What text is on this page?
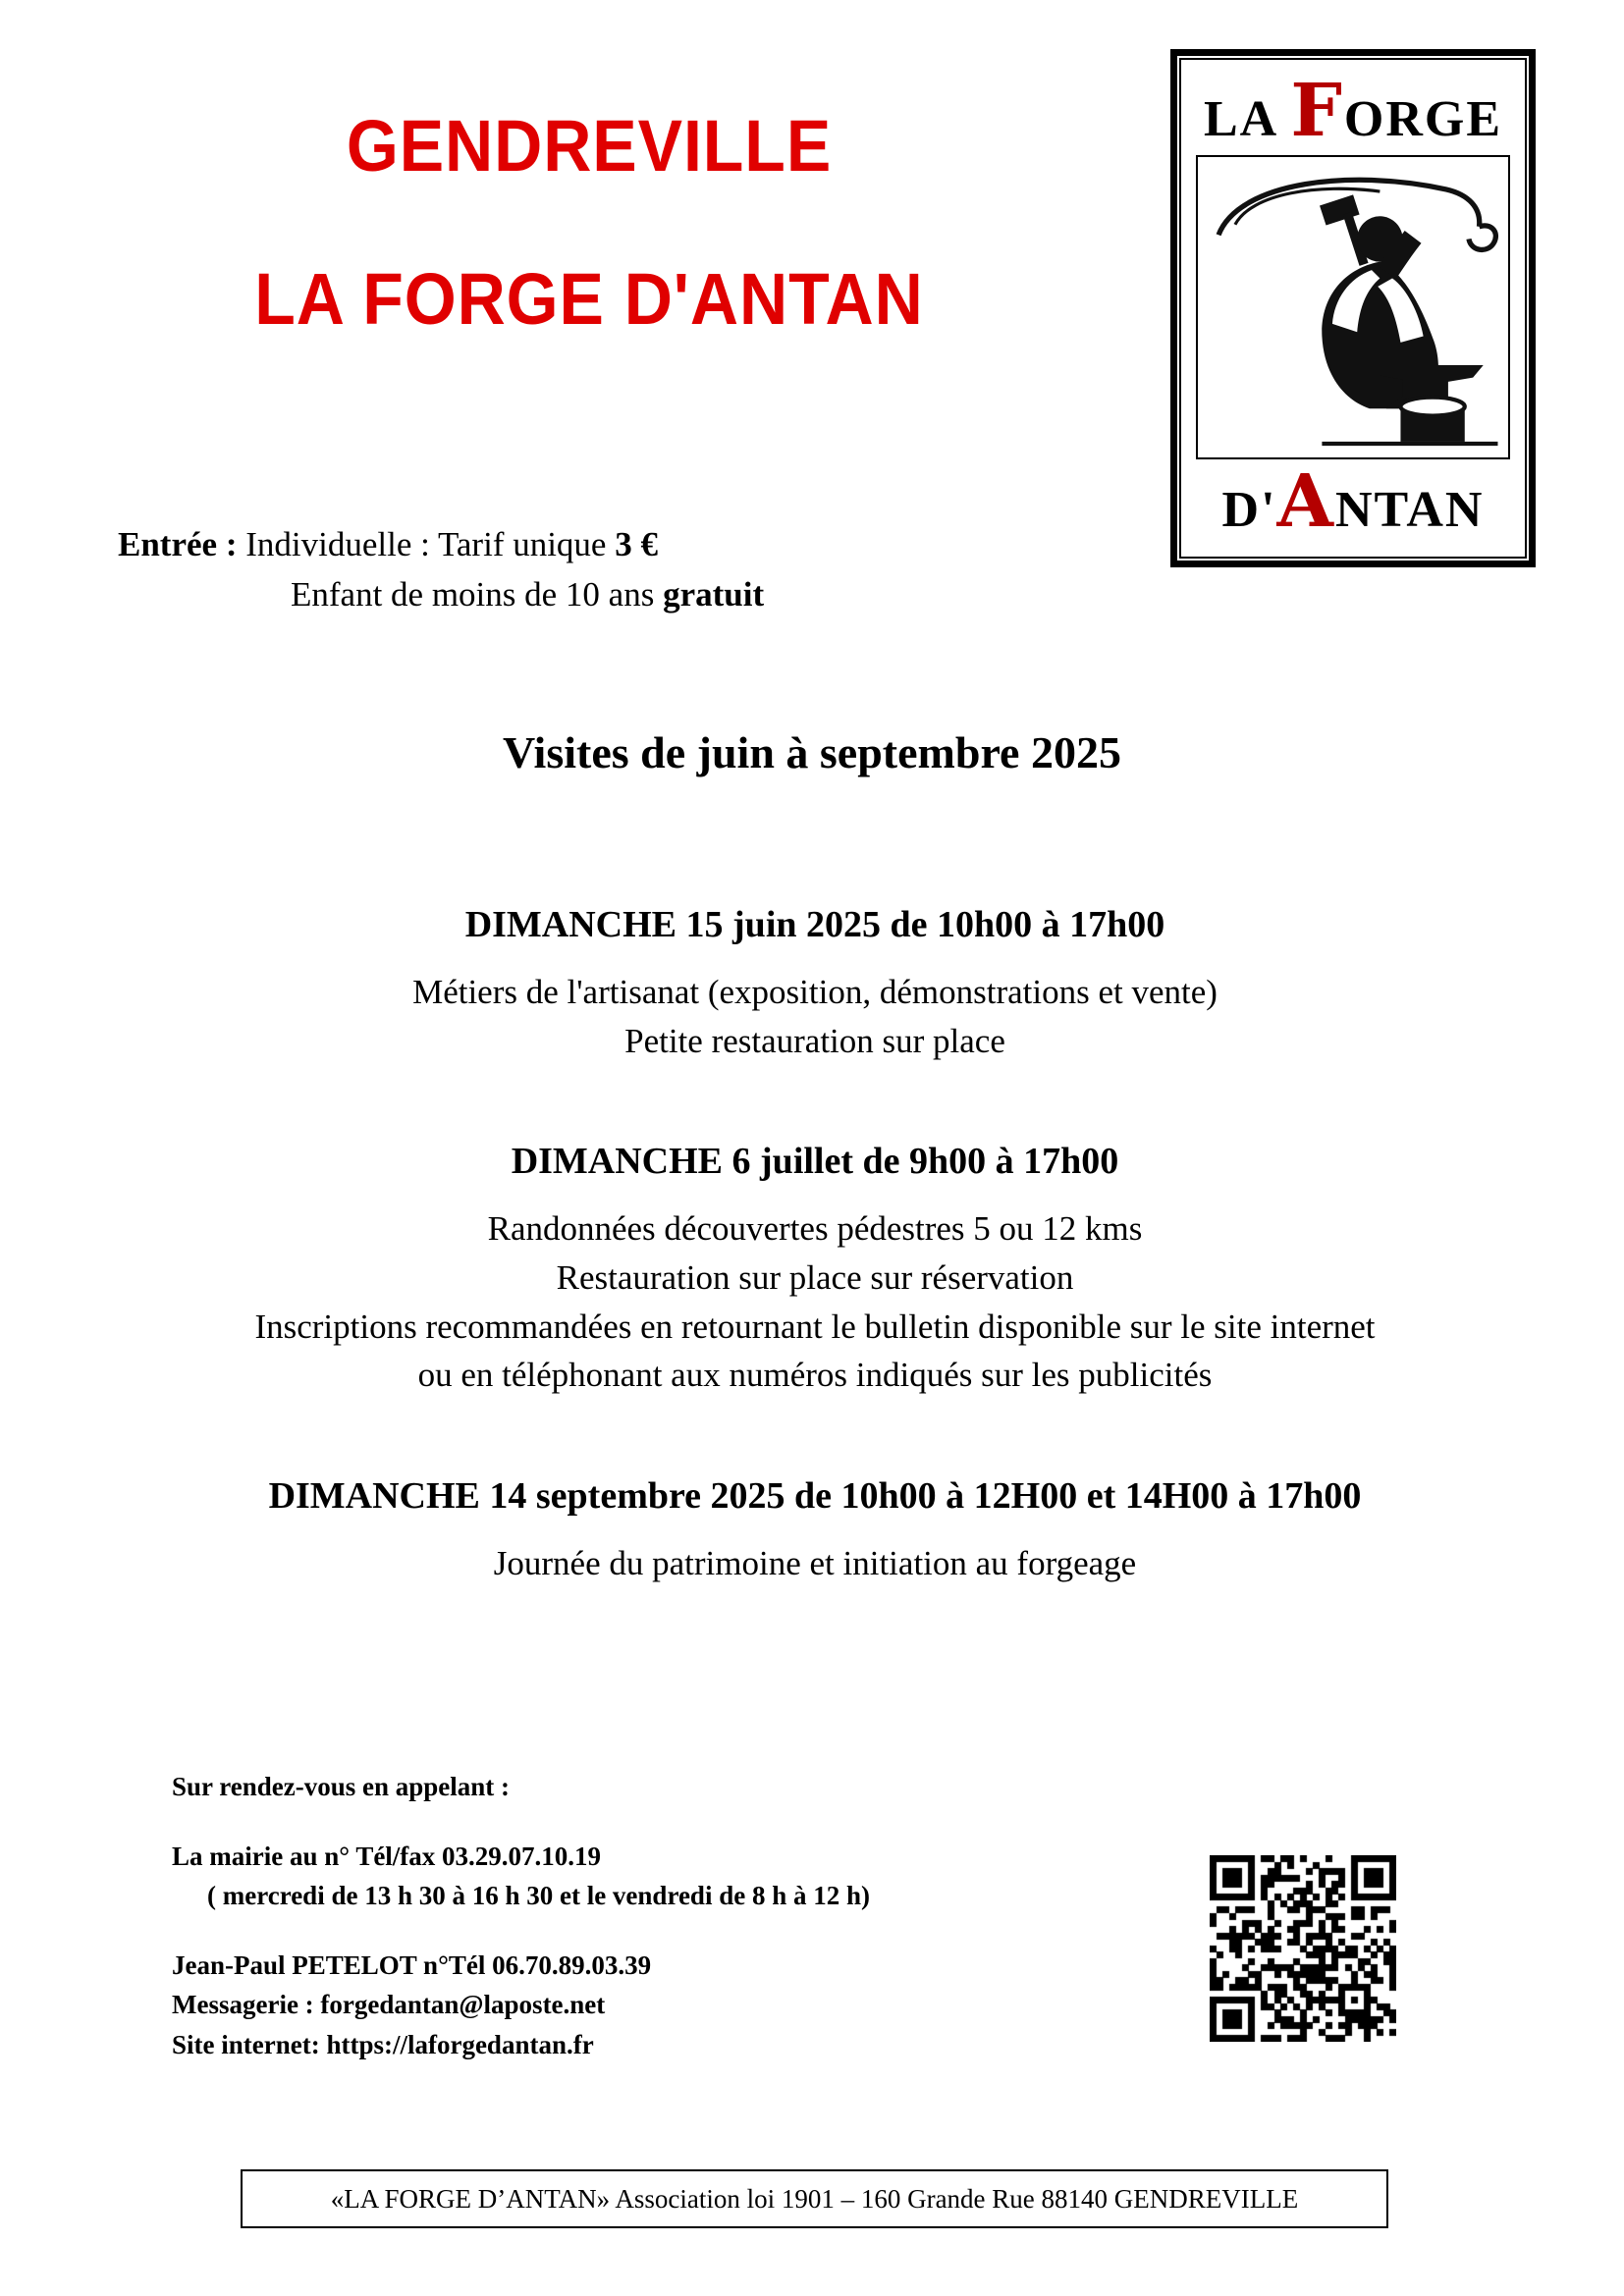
GENDREVILLE
LA FORGE D'ANTAN
LA FORGE
D'ANTAN
Entrée : Individuelle : Tarif unique 3 €
Enfant de moins de 10 ans gratuit
Visites de juin à septembre 2025
DIMANCHE 15 juin 2025 de 10h00 à 17h00
Métiers de l'artisanat (exposition, démonstrations et vente)
Petite restauration sur place
DIMANCHE 6 juillet de 9h00 à 17h00
Randonnées découvertes pédestres 5 ou 12 kms
Restauration sur place sur réservation
Inscriptions recommandées en retournant le bulletin disponible sur le site internet
ou en téléphonant aux numéros indiqués sur les publicités
DIMANCHE 14 septembre 2025 de 10h00 à 12H00 et 14H00 à 17h00
Journée du patrimoine et initiation au forgeage
Sur rendez-vous en appelant :
La mairie au n° Tél/fax 03.29.07.10.19
( mercredi de 13 h 30 à 16 h 30 et le vendredi de 8 h à 12 h)
Jean-Paul PETELOT n°Tél 06.70.89.03.39
Messagerie : forgedantan@laposte.net
Site internet: https://laforgedantan.fr
«LA FORGE D’ANTAN» Association loi 1901 – 160 Grande Rue 88140 GENDREVILLE
